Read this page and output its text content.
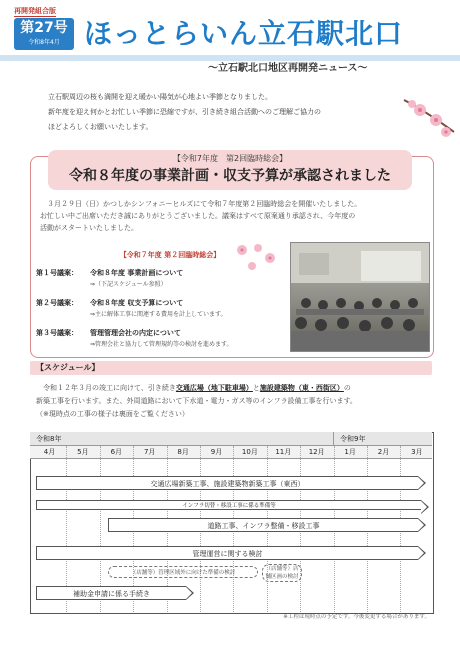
再開発組合版
第27号
令和8年4月 ほっとらいん立石駅北口
～立石駅北口地区再開発ニュース～

立石駅周辺の桜も満開を迎え暖かい陽気が心地よい季節となりました。

新年度を迎え何かとお忙しい季節に恐縮ですが、引き続き組合活動へのご理解ご協力の

ほどよろしくお願いいたします。

【令和7年度　第2回臨時総会】
令和８年度の事業計画・収支予算が承認されました

　３月２９日（日）かつしかシンフォニーヒルズにて令和７年度第２回臨時総会を開催いたしました。

お忙しい中ご出席いただき誠にありがとうございました。議案はすべて原案通り承認され、今年度の

活動がスタートいたしました。

【令和７年度 第２回臨時総会】
第１号議案： 令和８年度 事業計画について
⇒（下記スケジュール参照）
第２号議案： 令和８年度 収支予算について
⇒主に解体工事に関連する費用を計上しています。
第３号議案： 管理管理会社の内定について
⇒管理会社と協力して管理規約等の検討を進めます。
【スケジュール】

　令和１２年３月の竣工に向けて、引き続き交通広場（地下駐車場）と施設建築物（東・西街区）の

新築工事を行います。また、外周道路において下水道・電力・ガス等のインフラ設備工事を行います。

（※現時点の工事の様子は裏面をご覧ください）

令和8年	令和9年
4月	5月	6月	7月	8月	9月	10月	11月	12月	1月	2月	3月
交通広場新築工事、施設建築物新築工事（東西）
インフラ切替・移設工事に係る準備等
道路工事、インフラ整備・移設工事
管理運営に関する検討
（店舗等）管理区域外に向けた準備の検討
（店舗等）店舗区画の検討
補助金申請に係る手続き
※工程は現時点の予定です。今後変更する場合があります。
